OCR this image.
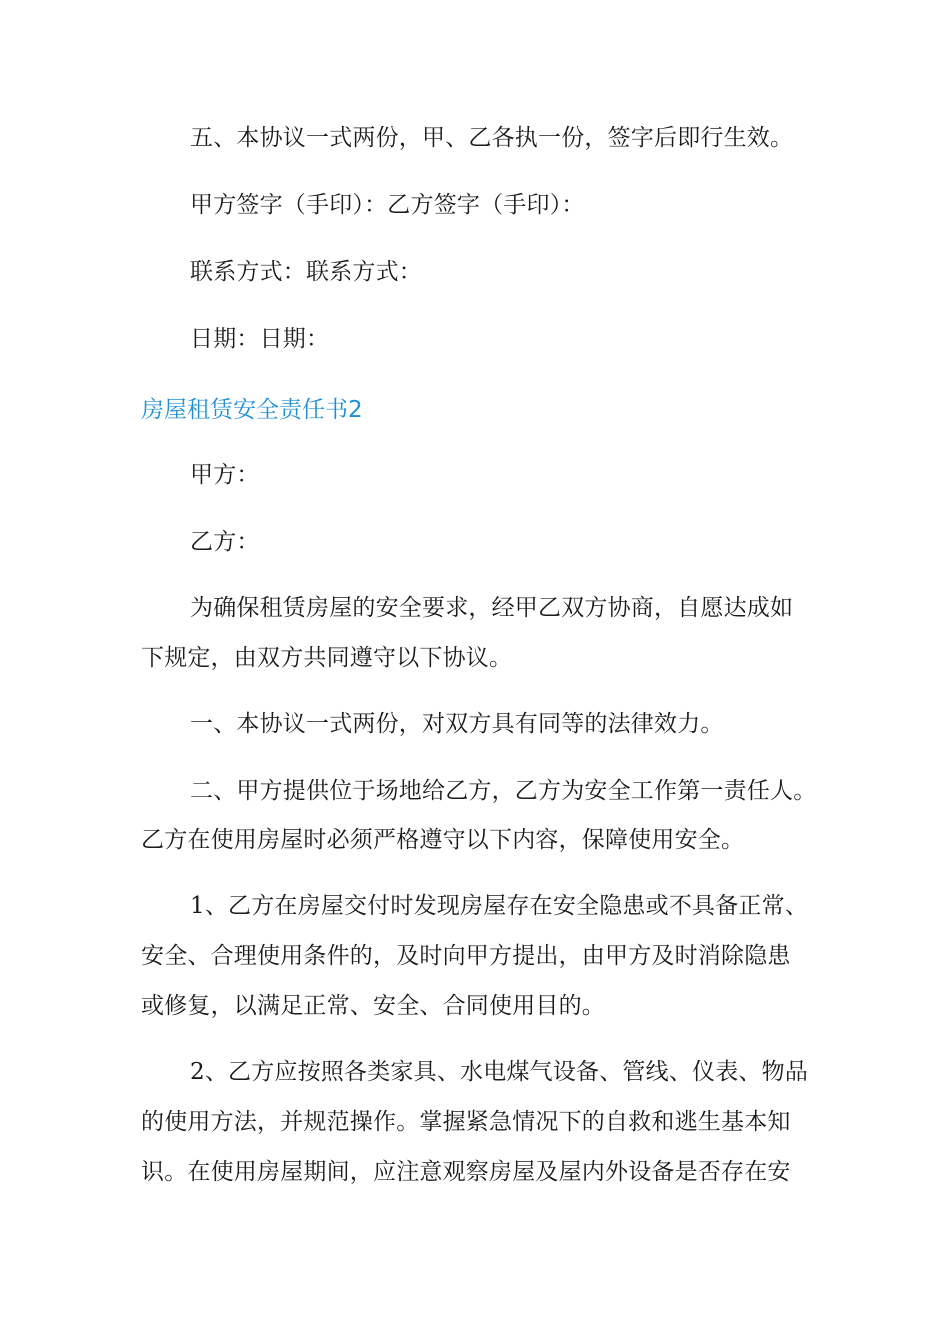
五、本协议一式两份，甲、乙各执一份，签字后即行生效。
甲方签字（手印）：乙方签字（手印）：
联系方式：联系方式：
日期：日期：
房屋租赁安全责任书2
甲方：
乙方：
为确保租赁房屋的安全要求，经甲乙双方协商，自愿达成如
下规定，由双方共同遵守以下协议。
一、本协议一式两份，对双方具有同等的法律效力。
二、甲方提供位于场地给乙方，乙方为安全工作第一责任人。
乙方在使用房屋时必须严格遵守以下内容，保障使用安全。
1、乙方在房屋交付时发现房屋存在安全隐患或不具备正常、
安全、合理使用条件的，及时向甲方提出，由甲方及时消除隐患
或修复，以满足正常、安全、合同使用目的。
2、乙方应按照各类家具、水电煤气设备、管线、仪表、物品
的使用方法，并规范操作。掌握紧急情况下的自救和逃生基本知
识。在使用房屋期间，应注意观察房屋及屋内外设备是否存在安
